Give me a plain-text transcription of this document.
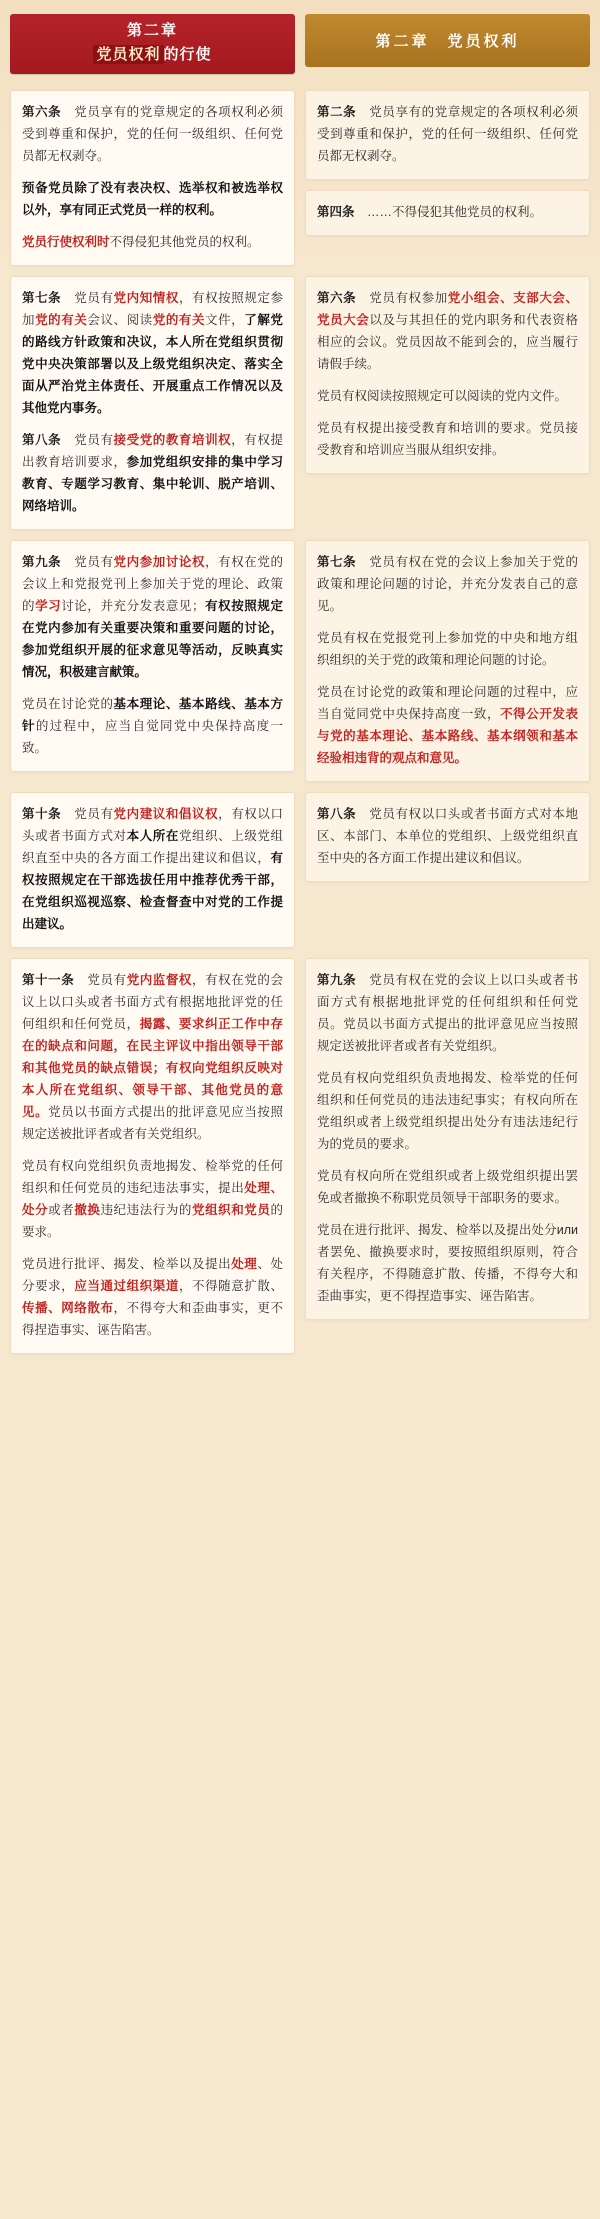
第二章
党员权利 的行使
第二章　党员权利

第六条　党员享有的党章规定的各项权利必须受到尊重和保护，党的任何一级组织、任何党员都无权剥夺。

预备党员除了没有表决权、选举权和被选举权以外，享有同正式党员一样的权利。

党员行使权利时不得侵犯其他党员的权利。

第二条　党员享有的党章规定的各项权利必须受到尊重和保护，党的任何一级组织、任何党员都无权剥夺。

第四条　……不得侵犯其他党员的权利。

第七条　党员有党内知情权，有权按照规定参加党的有关会议、阅读党的有关文件，了解党的路线方针政策和决议，本人所在党组织贯彻党中央决策部署以及上级党组织决定、落实全面从严治党主体责任、开展重点工作情况以及其他党内事务。

第八条　党员有接受党的教育培训权，有权提出教育培训要求，参加党组织安排的集中学习教育、专题学习教育、集中轮训、脱产培训、网络培训。

第六条　党员有权参加党小组会、支部大会、党员大会以及与其担任的党内职务和代表资格相应的会议。党员因故不能到会的，应当履行请假手续。

党员有权阅读按照规定可以阅读的党内文件。

党员有权提出接受教育和培训的要求。党员接受教育和培训应当服从组织安排。

第九条　党员有党内参加讨论权，有权在党的会议上和党报党刊上参加关于党的理论、政策的学习讨论，并充分发表意见；有权按照规定在党内参加有关重要决策和重要问题的讨论，参加党组织开展的征求意见等活动，反映真实情况，积极建言献策。

党员在讨论党的基本理论、基本路线、基本方针的过程中，应当自觉同党中央保持高度一致。

第七条　党员有权在党的会议上参加关于党的政策和理论问题的讨论，并充分发表自己的意见。

党员有权在党报党刊上参加党的中央和地方组织组织的关于党的政策和理论问题的讨论。

党员在讨论党的政策和理论问题的过程中，应当自觉同党中央保持高度一致，不得公开发表与党的基本理论、基本路线、基本纲领和基本经验相违背的观点和意见。

第十条　党员有党内建议和倡议权，有权以口头或者书面方式对本人所在党组织、上级党组织直至中央的各方面工作提出建议和倡议，有权按照规定在干部选拔任用中推荐优秀干部，在党组织巡视巡察、检查督查中对党的工作提出建议。

第八条　党员有权以口头或者书面方式对本地区、本部门、本单位的党组织、上级党组织直至中央的各方面工作提出建议和倡议。

第十一条　党员有党内监督权，有权在党的会议上以口头或者书面方式有根据地批评党的任何组织和任何党员，揭露、要求纠正工作中存在的缺点和问题，在民主评议中指出领导干部和其他党员的缺点错误；有权向党组织反映对本人所在党组织、领导干部、其他党员的意见。党员以书面方式提出的批评意见应当按照规定送被批评者或者有关党组织。

党员有权向党组织负责地揭发、检举党的任何组织和任何党员的违纪违法事实，提出处理、处分或者撤换违纪违法行为的党组织和党员的要求。

党员进行批评、揭发、检举以及提出处理、处分要求，应当通过组织渠道，不得随意扩散、传播、网络散布，不得夸大和歪曲事实，更不得捏造事实、诬告陷害。

第九条　党员有权在党的会议上以口头或者书面方式有根据地批评党的任何组织和任何党员。党员以书面方式提出的批评意见应当按照规定送被批评者或者有关党组织。

党员有权向党组织负责地揭发、检举党的任何组织和任何党员的违法违纪事实；有权向所在党组织或者上级党组织提出处分有违法违纪行为的党员的要求。

党员有权向所在党组织或者上级党组织提出罢免或者撤换不称职党员领导干部职务的要求。

党员在进行批评、揭发、检举以及提出处分или者罢免、撤换要求时，要按照组织原则，符合有关程序，不得随意扩散、传播，不得夸大和歪曲事实，更不得捏造事实、诬告陷害。
